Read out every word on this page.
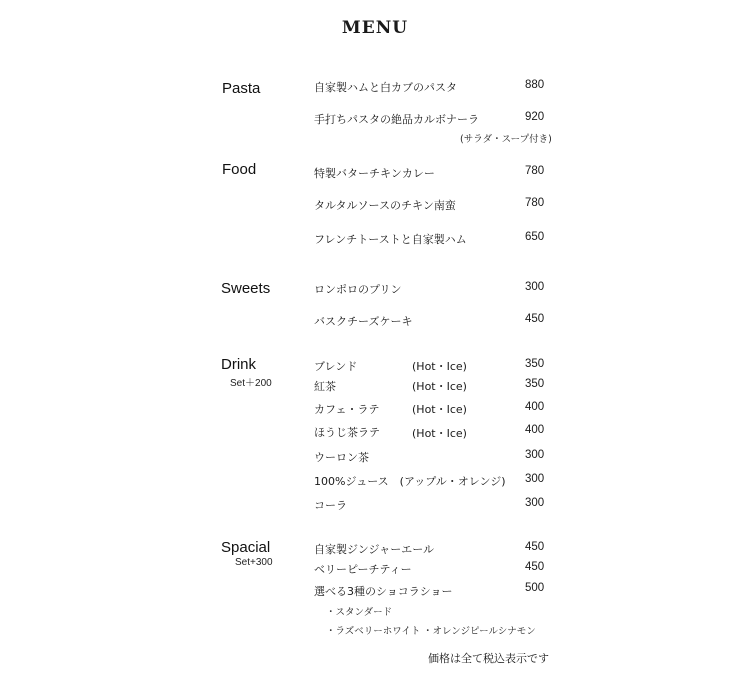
MENU
Pasta	自家製ハムと白カブのパスタ	880
手打ちパスタの絶品カルボナーラ	920
(サラダ・スープ付き)
Food	特製バターチキンカレー	780
タルタルソースのチキン南蛮	780
フレンチトーストと自家製ハム	650
Sweets	ロンポロのプリン	300
バスクチーズケーキ	450
Drink
Set＋200
ブレンド	(Hot・Ice)	350
紅茶	(Hot・Ice)	350
カフェ・ラテ	(Hot・Ice)	400
ほうじ茶ラテ	(Hot・Ice)	400
ウーロン茶	300
100%ジュース　(アップル・オレンジ) 300
コーラ	300
Spacial
Set+300
自家製ジンジャーエール	450
ベリーピーチティー	450
選べる3種のショコラショー	500
・スタンダード
・ラズベリーホワイト ・オレンジピールシナモン
価格は全て税込表示です
